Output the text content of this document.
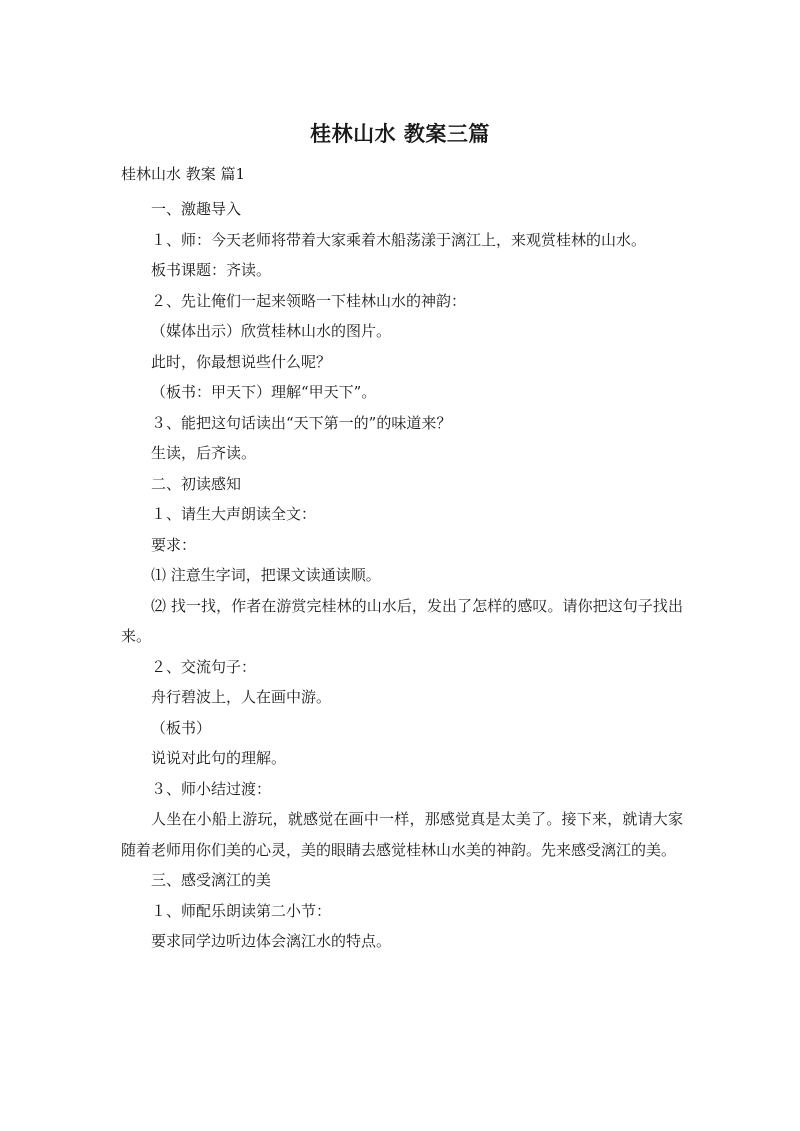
桂林山水 教案三篇
桂林山水 教案 篇1

一、激趣导入

１、师：今天老师将带着大家乘着木船荡漾于漓江上，来观赏桂林的山水。

板书课题：齐读。

２、先让俺们一起来领略一下桂林山水的神韵：

（媒体出示）欣赏桂林山水的图片。

此时，你最想说些什么呢？

（板书：甲天下）理解“甲天下”。

３、能把这句话读出“天下第一的”的味道来？

生读，后齐读。

二、初读感知

１、请生大声朗读全文：

要求：

⑴ 注意生字词，把课文读通读顺。

⑵ 找一找，作者在游赏完桂林的山水后，发出了怎样的感叹。请你把这句子找出来。

２、交流句子：

舟行碧波上，人在画中游。

（板书）

说说对此句的理解。

３、师小结过渡：

人坐在小船上游玩，就感觉在画中一样，那感觉真是太美了。接下来，就请大家随着老师用你们美的心灵，美的眼睛去感觉桂林山水美的神韵。先来感受漓江的美。

三、感受漓江的美

１、师配乐朗读第二小节：

要求同学边听边体会漓江水的特点。
